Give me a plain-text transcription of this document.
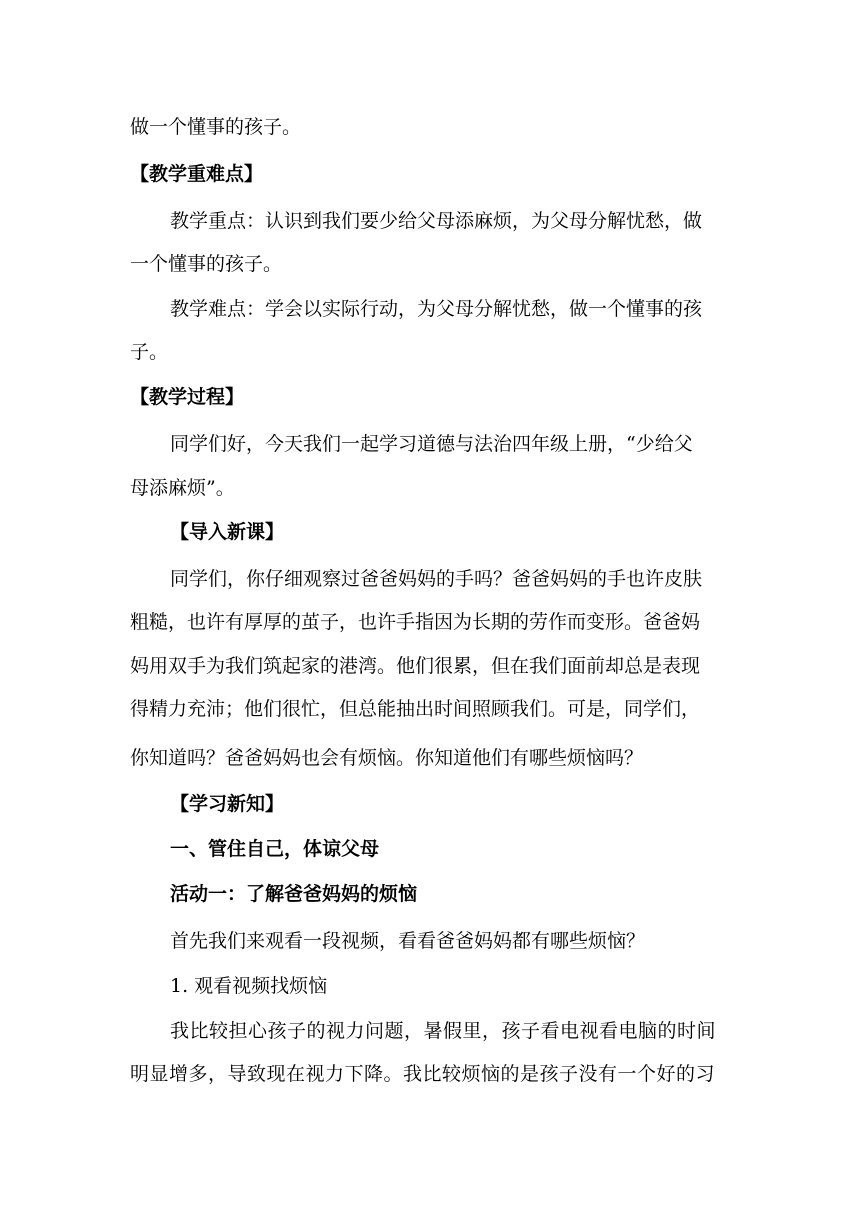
做一个懂事的孩子。
【教学重难点】
教学重点：认识到我们要少给父母添麻烦，为父母分解忧愁，做
一个懂事的孩子。
教学难点：学会以实际行动，为父母分解忧愁，做一个懂事的孩
子。
【教学过程】
同学们好，今天我们一起学习道德与法治四年级上册，“少给父
母添麻烦”。
【导入新课】
同学们，你仔细观察过爸爸妈妈的手吗？爸爸妈妈的手也许皮肤
粗糙，也许有厚厚的茧子，也许手指因为长期的劳作而变形。爸爸妈
妈用双手为我们筑起家的港湾。他们很累，但在我们面前却总是表现
得精力充沛；他们很忙，但总能抽出时间照顾我们。可是，同学们，
你知道吗？爸爸妈妈也会有烦恼。你知道他们有哪些烦恼吗？
【学习新知】
一、管住自己，体谅父母
活动一：了解爸爸妈妈的烦恼
首先我们来观看一段视频，看看爸爸妈妈都有哪些烦恼？
1. 观看视频找烦恼
我比较担心孩子的视力问题，暑假里，孩子看电视看电脑的时间
明显增多，导致现在视力下降。我比较烦恼的是孩子没有一个好的习
